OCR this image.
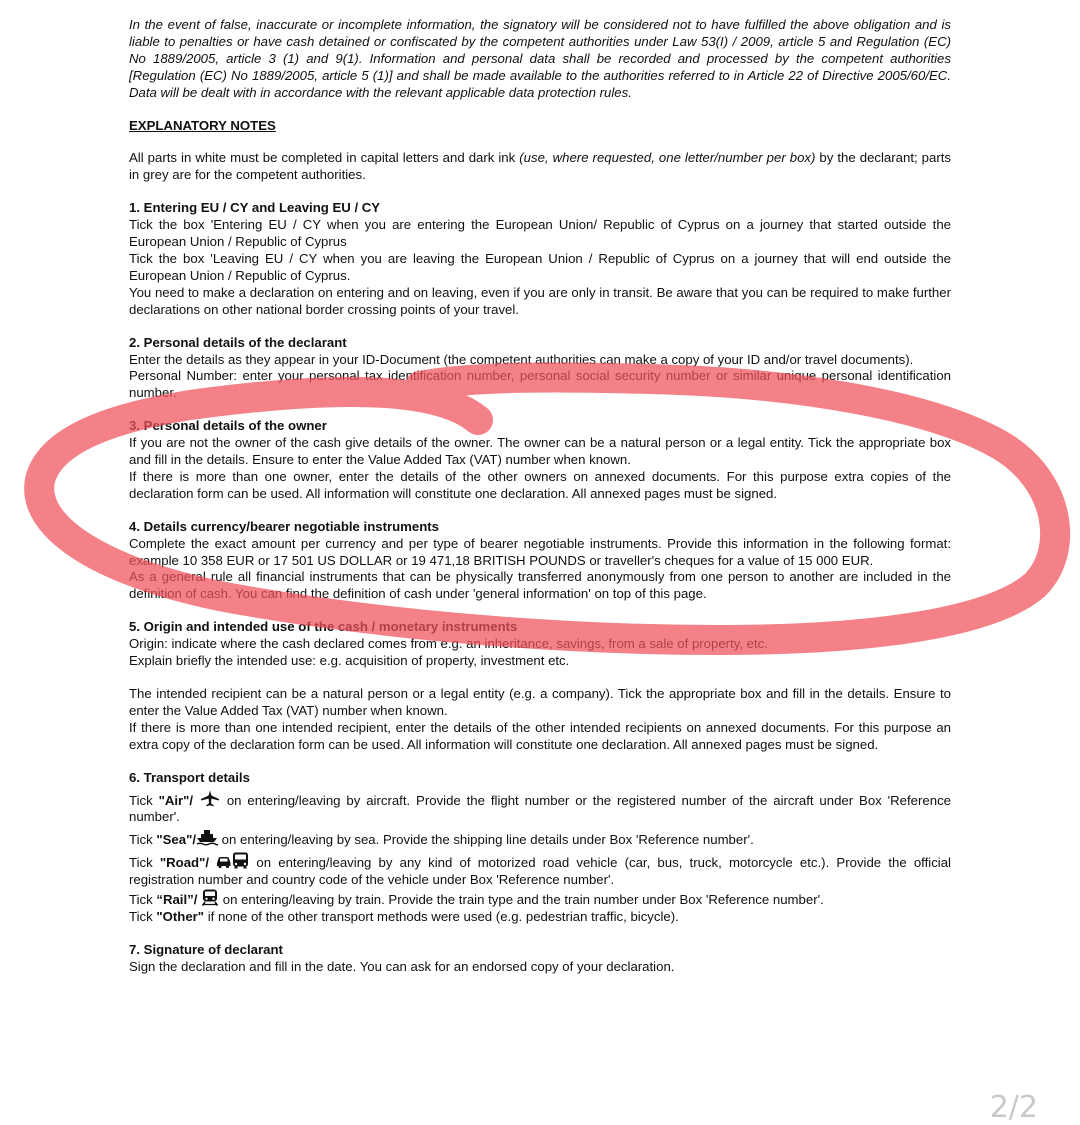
In the event of false, inaccurate or incomplete information, the signatory will be considered not to have fulfilled the above obligation and is liable to penalties or have cash detained or confiscated by the competent authorities under Law 53(I) / 2009, article 5 and Regulation (EC) No 1889/2005, article 3 (1) and 9(1). Information and personal data shall be recorded and processed by the competent authorities [Regulation (EC) No 1889/2005, article 5 (1)] and shall be made available to the authorities referred to in Article 22 of Directive 2005/60/EC. Data will be dealt with in accordance with the relevant applicable data protection rules.

EXPLANATORY NOTES

All parts in white must be completed in capital letters and dark ink (use, where requested, one letter/number per box) by the declarant; parts in grey are for the competent authorities.

1. Entering EU / CY and Leaving EU / CY

Tick the box 'Entering EU / CY when you are entering the European Union/ Republic of Cyprus on a journey that started outside the European Union / Republic of Cyprus

Tick the box 'Leaving EU / CY when you are leaving the European Union / Republic of Cyprus on a journey that will end outside the European Union / Republic of Cyprus.

You need to make a declaration on entering and on leaving, even if you are only in transit. Be aware that you can be required to make further declarations on other national border crossing points of your travel.

2. Personal details of the declarant

Enter the details as they appear in your ID-Document (the competent authorities can make a copy of your ID and/or travel documents).

Personal Number: enter your personal tax identification number, personal social security number or similar unique personal identification number.

3. Personal details of the owner

If you are not the owner of the cash give details of the owner. The owner can be a natural person or a legal entity. Tick the appropriate box and fill in the details. Ensure to enter the Value Added Tax (VAT) number when known.

If there is more than one owner, enter the details of the other owners on annexed documents. For this purpose extra copies of the declaration form can be used. All information will constitute one declaration. All annexed pages must be signed.

4. Details currency/bearer negotiable instruments

Complete the exact amount per currency and per type of bearer negotiable instruments. Provide this information in the following format: example 10 358 EUR or 17 501 US DOLLAR or 19 471,18 BRITISH POUNDS or traveller's cheques for a value of 15 000 EUR.

As a general rule all financial instruments that can be physically transferred anonymously from one person to another are included in the definition of cash. You can find the definition of cash under 'general information' on top of this page.

5. Origin and intended use of the cash / monetary instruments

Origin: indicate where the cash declared comes from e.g. an inheritance, savings, from a sale of property, etc.

Explain briefly the intended use: e.g. acquisition of property, investment etc.

The intended recipient can be a natural person or a legal entity (e.g. a company). Tick the appropriate box and fill in the details. Ensure to enter the Value Added Tax (VAT) number when known.

If there is more than one intended recipient, enter the details of the other intended recipients on annexed documents. For this purpose an extra copy of the declaration form can be used. All information will constitute one declaration. All annexed pages must be signed.

6. Transport details

Tick "Air"/  on entering/leaving by aircraft. Provide the flight number or the registered number of the aircraft under Box 'Reference number'.

Tick "Sea"/ on entering/leaving by sea. Provide the shipping line details under Box 'Reference number'.

Tick "Road"/	on entering/leaving by any kind of motorized road vehicle (car, bus, truck, motorcycle etc.). Provide the official registration number and country code of the vehicle under Box 'Reference number'.

Tick “Rail”/  on entering/leaving by train. Provide the train type and the train number under Box 'Reference number'.

Tick "Other" if none of the other transport methods were used (e.g. pedestrian traffic, bicycle).

7. Signature of declarant

Sign the declaration and fill in the date. You can ask for an endorsed copy of your declaration.

2/2
